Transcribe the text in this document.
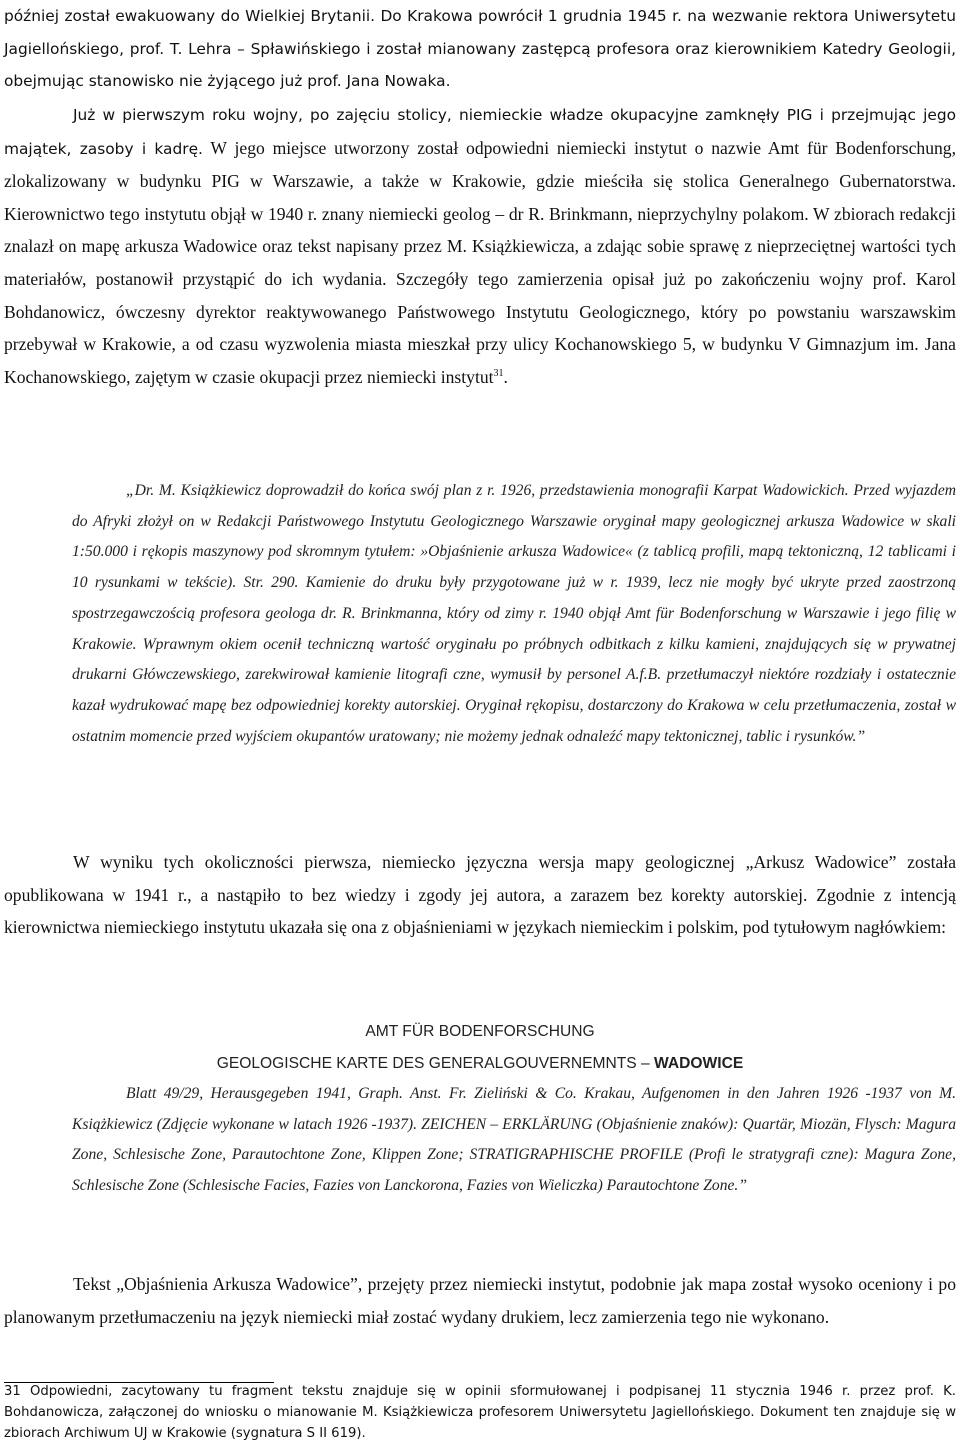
później został ewakuowany do Wielkiej Brytanii. Do Krakowa powrócił 1 grudnia 1945 r. na wezwanie rektora Uniwersytetu Jagiellońskiego, prof. T. Lehra – Spławińskiego i został mianowany zastępcą profesora oraz kierownikiem Katedry Geologii, obejmując stanowisko nie żyjącego już prof. Jana Nowaka.

Już w pierwszym roku wojny, po zajęciu stolicy, niemieckie władze okupacyjne zamknęły PIG i przejmując jego majątek, zasoby i kadrę. W jego miejsce utworzony został odpowiedni niemiecki instytut o nazwie Amt für Bodenforschung, zlokalizowany w budynku PIG w Warszawie, a także w Krakowie, gdzie mieściła się stolica Generalnego Gubernatorstwa. Kierownictwo tego instytutu objął w 1940 r. znany niemiecki geolog – dr R. Brinkmann, nieprzychylny polakom. W zbiorach redakcji znalazł on mapę arkusza Wadowice oraz tekst napisany przez M. Książkiewicza, a zdając sobie sprawę z nieprzeciętnej wartości tych materiałów, postanowił przystąpić do ich wydania. Szczegóły tego zamierzenia opisał już po zakończeniu wojny prof. Karol Bohdanowicz, ówczesny dyrektor reaktywowanego Państwowego Instytutu Geologicznego, który po powstaniu warszawskim przebywał w Krakowie, a od czasu wyzwolenia miasta mieszkał przy ulicy Kochanowskiego 5, w budynku V Gimnazjum im. Jana Kochanowskiego, zajętym w czasie okupacji przez niemiecki instytut$^{31}$.

„Dr. M. Książkiewicz doprowadził do końca swój plan z r. 1926, przedstawienia monografii Karpat Wadowickich. Przed wyjazdem do Afryki złożył on w Redakcji Państwowego Instytutu Geologicznego Warszawie oryginał mapy geologicznej arkusza Wadowice w skali 1:50.000 i rękopis maszynowy pod skromnym tytułem: »Objaśnienie arkusza Wadowice« (z tablicą profili, mapą tektoniczną, 12 tablicami i 10 rysunkami w tekście). Str. 290. Kamienie do druku były przygotowane już w r. 1939, lecz nie mogły być ukryte przed zaostrzoną spostrzegawczością profesora geologa dr. R. Brinkmanna, który od zimy r. 1940 objął Amt für Bodenforschung w Warszawie i jego filię w Krakowie. Wprawnym okiem ocenił techniczną wartość oryginału po próbnych odbitkach z kilku kamieni, znajdujących się w prywatnej drukarni Główczewskiego, zarekwirował kamienie litografi czne, wymusił by personel A.f.B. przetłumaczył niektóre rozdziały i ostatecznie kazał wydrukować mapę bez odpowiedniej korekty autorskiej. Oryginał rękopisu, dostarczony do Krakowa w celu przetłumaczenia, został w ostatnim momencie przed wyjściem okupantów uratowany; nie możemy jednak odnaleźć mapy tektonicznej, tablic i rysunków.”

W wyniku tych okoliczności pierwsza, niemiecko języczna wersja mapy geologicznej „Arkusz Wadowice” została opublikowana w 1941 r., a nastąpiło to bez wiedzy i zgody jej autora, a zarazem bez korekty autorskiej. Zgodnie z intencją kierownictwa niemieckiego instytutu ukazała się ona z objaśnieniami w językach niemieckim i polskim, pod tytułowym nagłówkiem:

AMT FÜR BODENFORSCHUNG

GEOLOGISCHE KARTE DES GENERALGOUVERNEMNTS – WADOWICE

Blatt 49/29, Herausgegeben 1941, Graph. Anst. Fr. Zieliński & Co. Krakau, Aufgenomen in den Jahren 1926 -1937 von M. Książkiewicz (Zdjęcie wykonane w latach 1926 -1937). ZEICHEN – ERKLÄRUNG (Objaśnienie znaków): Quartär, Miozän, Flysch: Magura Zone, Schlesische Zone, Parautochtone Zone, Klippen Zone; STRATIGRAPHISCHE PROFILE (Profi le stratygrafi czne): Magura Zone, Schlesische Zone (Schlesische Facies, Fazies von Lanckorona, Fazies von Wieliczka) Parautochtone Zone.”

Tekst „Objaśnienia Arkusza Wadowice”, przejęty przez niemiecki instytut, podobnie jak mapa został wysoko oceniony i po planowanym przetłumaczeniu na język niemiecki miał zostać wydany drukiem, lecz zamierzenia tego nie wykonano.

31 Odpowiedni, zacytowany tu fragment tekstu znajduje się w opinii sformułowanej i podpisanej 11 stycznia 1946 r. przez prof. K. Bohdanowicza, załączonej do wniosku o mianowanie M. Książkiewicza profesorem Uniwersytetu Jagiellońskiego. Dokument ten znajduje się w zbiorach Archiwum UJ w Krakowie (sygnatura S II 619).
